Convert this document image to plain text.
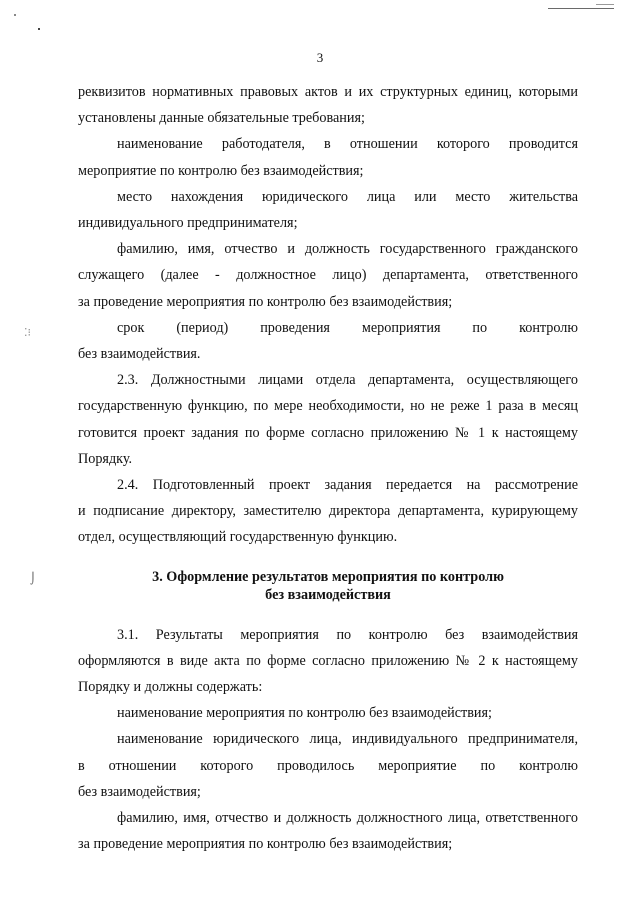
⁚⁝
⌡
3
реквизитов нормативных правовых актов и их структурных единиц, которыми
установлены данные обязательные требования;
наименование работодателя, в отношении которого проводится
мероприятие по контролю без взаимодействия;
место нахождения юридического лица или место жительства
индивидуального предпринимателя;
фамилию, имя, отчество и должность государственного гражданского
служащего (далее - должностное лицо) департамента, ответственного
за проведение мероприятия по контролю без взаимодействия;
срок (период) проведения мероприятия по контролю
без взаимодействия.
2.3. Должностными лицами отдела департамента, осуществляющего
государственную функцию, по мере необходимости, но не реже 1 раза в месяц
готовится проект задания по форме согласно приложению № 1 к настоящему
Порядку.
2.4. Подготовленный проект задания передается на рассмотрение
и подписание директору, заместителю директора департамента, курирующему
отдел, осуществляющий государственную функцию.
3. Оформление результатов мероприятия по контролю
без взаимодействия
3.1. Результаты мероприятия по контролю без взаимодействия
оформляются в виде акта по форме согласно приложению № 2 к настоящему
Порядку и должны содержать:
наименование мероприятия по контролю без взаимодействия;
наименование юридического лица, индивидуального предпринимателя,
в отношении которого проводилось мероприятие по контролю
без взаимодействия;
фамилию, имя, отчество и должность должностного лица, ответственного
за проведение мероприятия по контролю без взаимодействия;
